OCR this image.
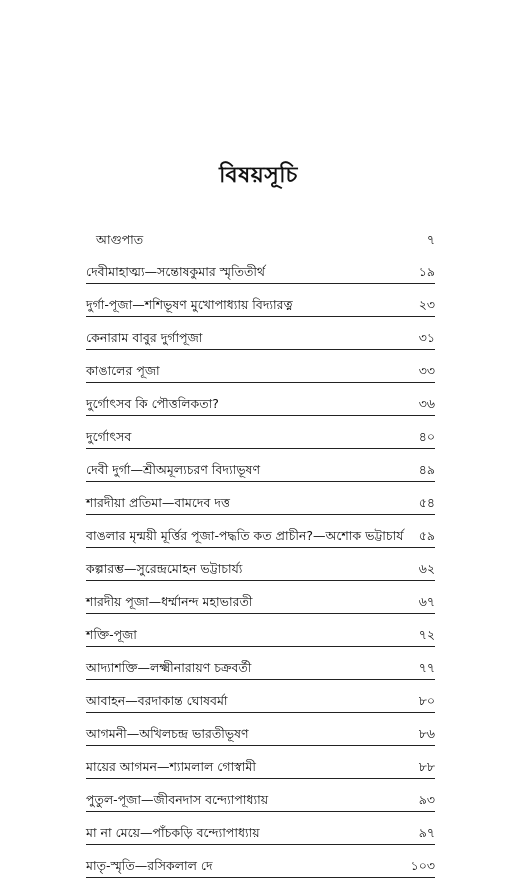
বিষয়সূচি
আগুপাত	৭
দেবীমাহাত্ম্য—সন্তোষকুমার স্মৃতিতীর্থ	১৯
দুর্গা-পূজা—শশিভূষণ মুখোপাধ্যায় বিদ্যারত্ন	২৩
কেনারাম বাবুর দুর্গাপূজা	৩১
কাঙালের পূজা	৩৩
দুর্গোৎসব কি পৌত্তলিকতা?	৩৬
দুর্গোৎসব	৪০
দেবী দুর্গা—শ্রীঅমূল্যচরণ বিদ্যাভূষণ	৪৯
শারদীয়া প্রতিমা—বামদেব দত্ত	৫৪
বাঙলার মৃন্ময়ী মূর্ত্তির পূজা-পদ্ধতি কত প্রাচীন?—অশোক ভট্টাচার্য ৫৯
কল্পারম্ভ—সুরেন্দ্রমোহন ভট্টাচার্য্য	৬২
শারদীয় পূজা—ধর্ম্মানন্দ মহাভারতী	৬৭
শক্তি-পূজা	৭২
আদ্যাশক্তি—লক্ষ্মীনারায়ণ চক্রবর্তী	৭৭
আবাহন—বরদাকান্ত ঘোষবর্মা	৮০
আগমনী—অখিলচন্দ্র ভারতীভূষণ	৮৬
মায়ের আগমন—শ্যামলাল গোস্বামী	৮৮
পুতুল-পূজা—জীবনদাস বন্দ্যোপাধ্যায়	৯৩
মা না মেয়ে—পাঁচকড়ি বন্দ্যোপাধ্যায়	৯৭
মাতৃ-স্মৃতি—রসিকলাল দে	১০৩
